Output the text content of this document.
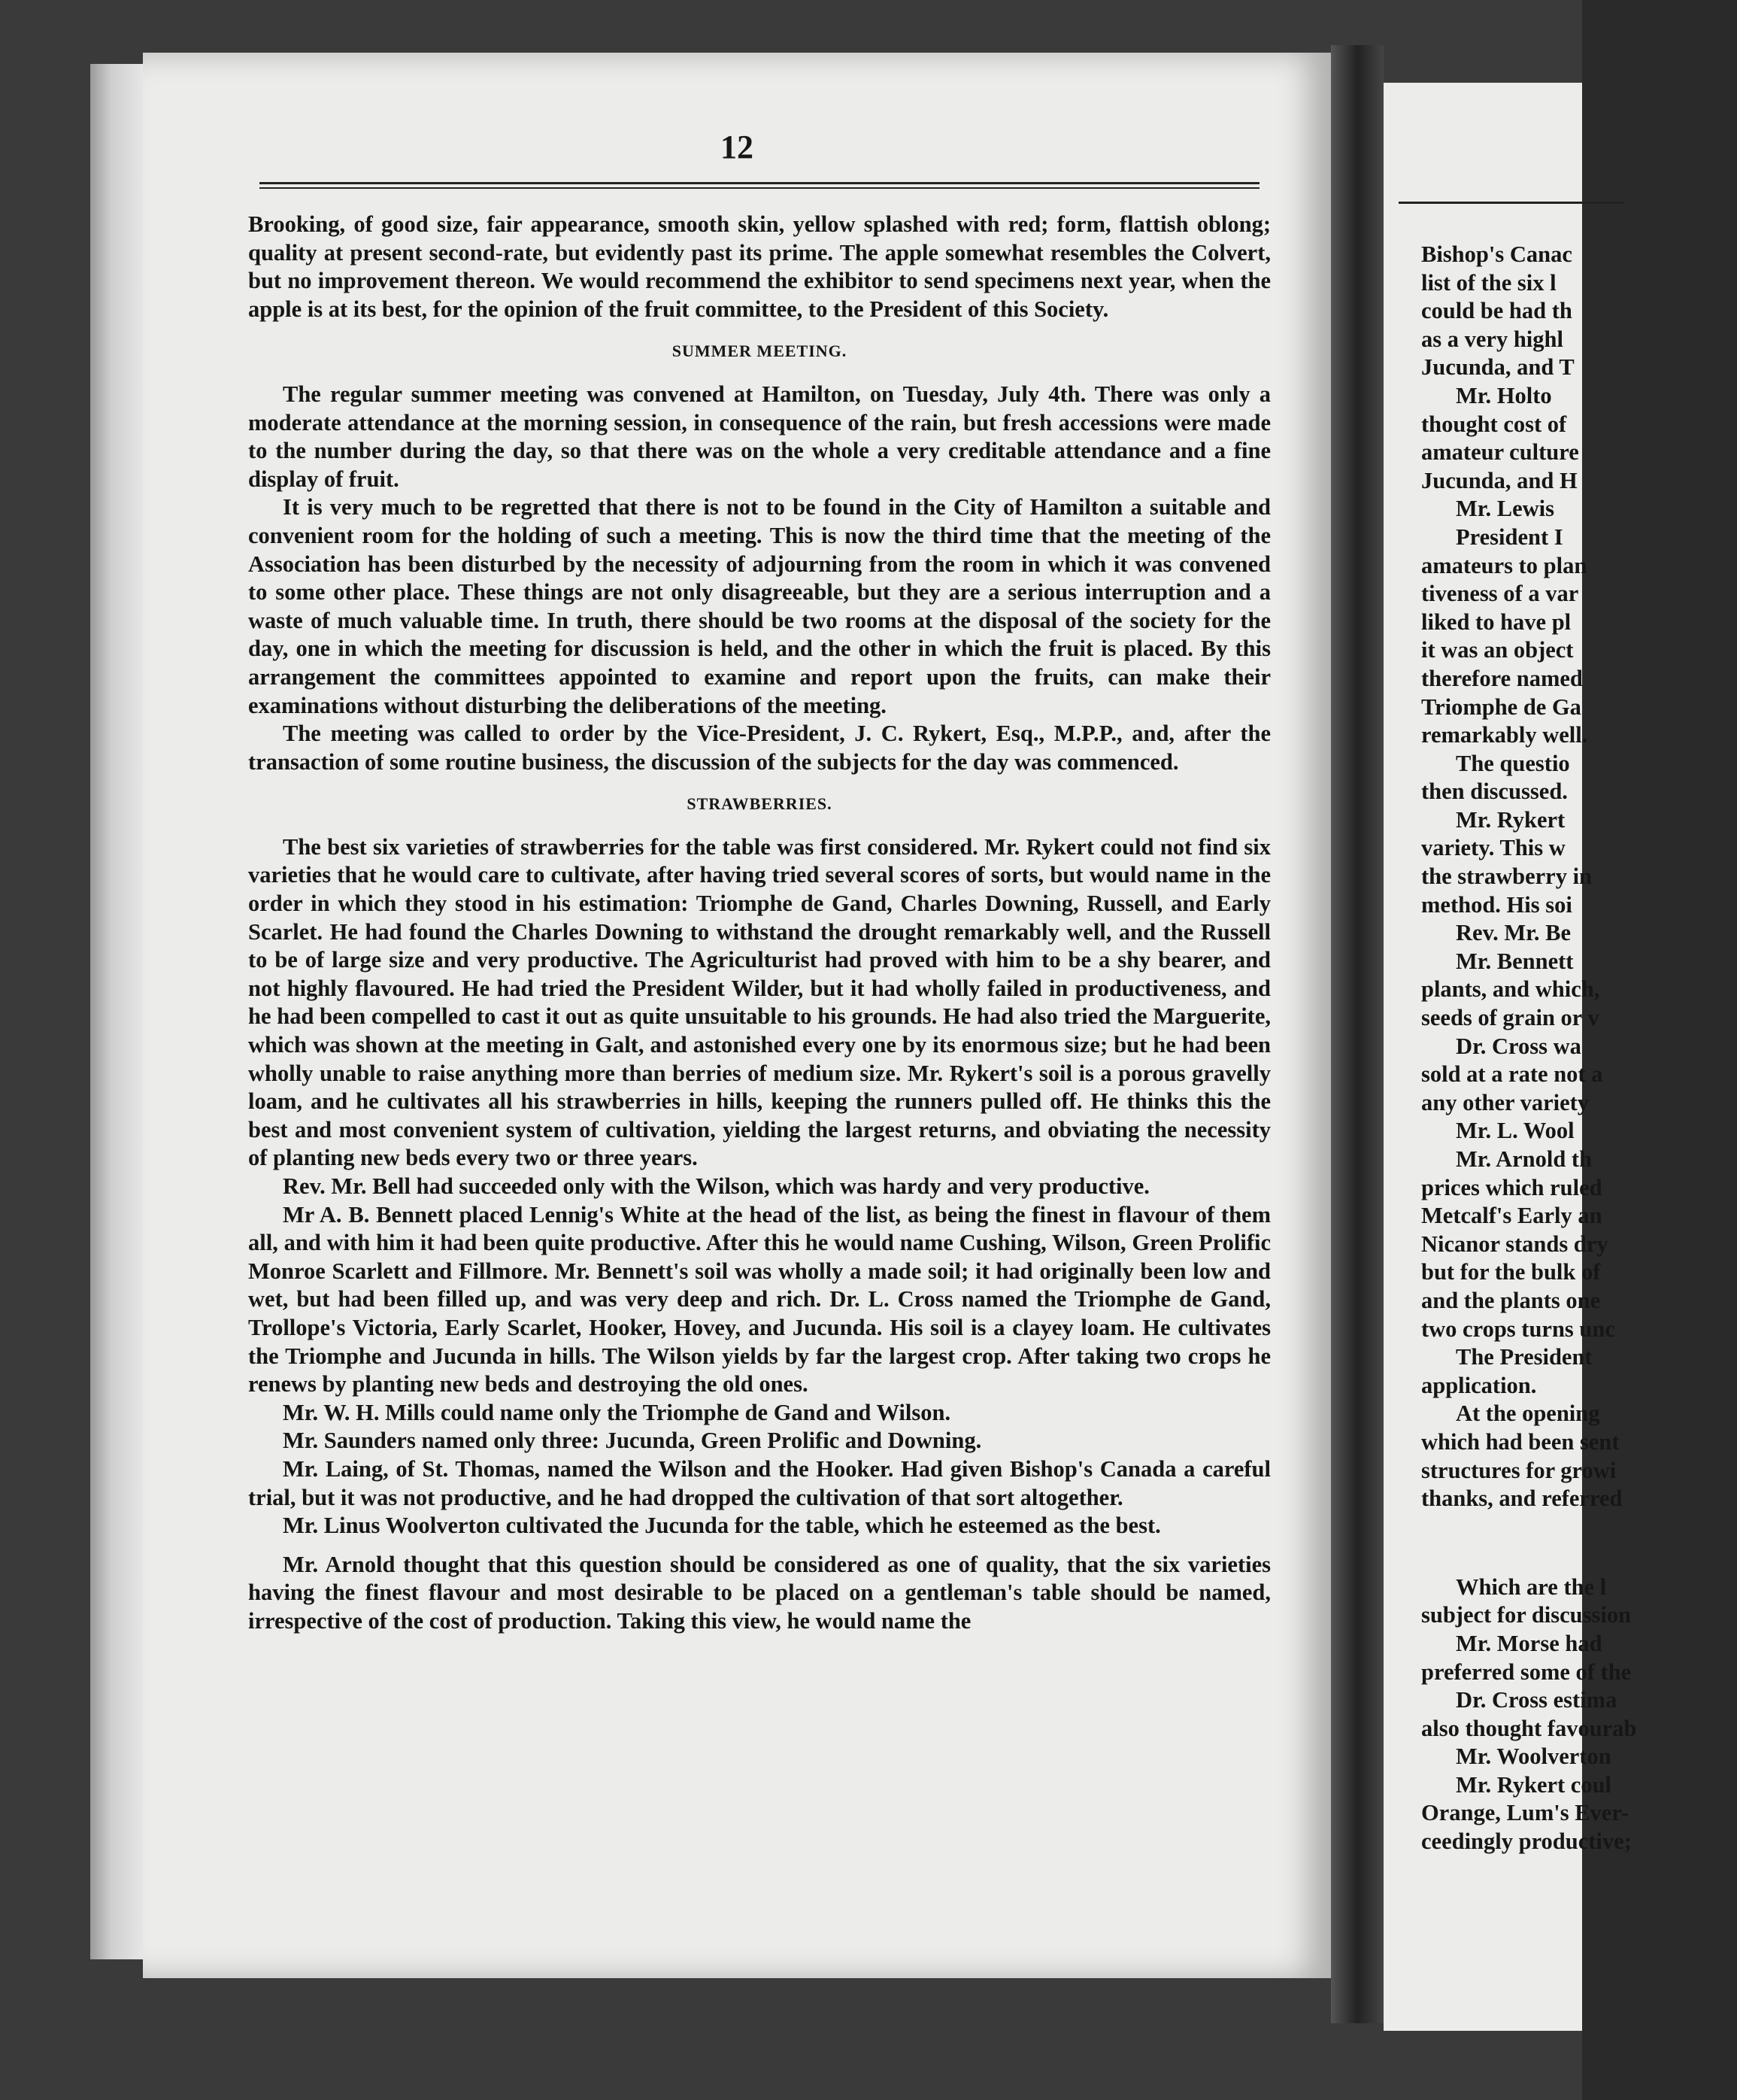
12

Brooking, of good size, fair appearance, smooth skin, yellow splashed with red; form, flattish oblong; quality at present second-rate, but evidently past its prime. The apple somewhat resembles the Colvert, but no improvement thereon. We would recommend the exhibitor to send specimens next year, when the apple is at its best, for the opinion of the fruit committee, to the President of this Society.

SUMMER MEETING.

The regular summer meeting was convened at Hamilton, on Tuesday, July 4th. There was only a moderate attendance at the morning session, in consequence of the rain, but fresh accessions were made to the number during the day, so that there was on the whole a very creditable attendance and a fine display of fruit.

It is very much to be regretted that there is not to be found in the City of Hamilton a suitable and convenient room for the holding of such a meeting. This is now the third time that the meeting of the Association has been disturbed by the necessity of adjourning from the room in which it was convened to some other place. These things are not only disagreeable, but they are a serious interruption and a waste of much valuable time. In truth, there should be two rooms at the disposal of the society for the day, one in which the meeting for discussion is held, and the other in which the fruit is placed. By this arrangement the committees appointed to examine and report upon the fruits, can make their examinations without disturbing the deliberations of the meeting.

The meeting was called to order by the Vice-President, J. C. Rykert, Esq., M.P.P., and, after the transaction of some routine business, the discussion of the subjects for the day was commenced.

STRAWBERRIES.

The best six varieties of strawberries for the table was first considered. Mr. Rykert could not find six varieties that he would care to cultivate, after having tried several scores of sorts, but would name in the order in which they stood in his estimation: Triomphe de Gand, Charles Downing, Russell, and Early Scarlet. He had found the Charles Downing to withstand the drought remarkably well, and the Russell to be of large size and very productive. The Agriculturist had proved with him to be a shy bearer, and not highly flavoured. He had tried the President Wilder, but it had wholly failed in productiveness, and he had been compelled to cast it out as quite unsuitable to his grounds. He had also tried the Marguerite, which was shown at the meeting in Galt, and astonished every one by its enormous size; but he had been wholly unable to raise anything more than berries of medium size. Mr. Rykert's soil is a porous gravelly loam, and he cultivates all his strawberries in hills, keeping the runners pulled off. He thinks this the best and most convenient system of cultivation, yielding the largest returns, and obviating the necessity of planting new beds every two or three years.

Rev. Mr. Bell had succeeded only with the Wilson, which was hardy and very productive.

Mr A. B. Bennett placed Lennig's White at the head of the list, as being the finest in flavour of them all, and with him it had been quite productive. After this he would name Cushing, Wilson, Green Prolific Monroe Scarlett and Fillmore. Mr. Bennett's soil was wholly a made soil; it had originally been low and wet, but had been filled up, and was very deep and rich. Dr. L. Cross named the Triomphe de Gand, Trollope's Victoria, Early Scarlet, Hooker, Hovey, and Jucunda. His soil is a clayey loam. He cultivates the Triomphe and Jucunda in hills. The Wilson yields by far the largest crop. After taking two crops he renews by planting new beds and destroying the old ones.

Mr. W. H. Mills could name only the Triomphe de Gand and Wilson.

Mr. Saunders named only three: Jucunda, Green Prolific and Downing.

Mr. Laing, of St. Thomas, named the Wilson and the Hooker. Had given Bishop's Canada a careful trial, but it was not productive, and he had dropped the cultivation of that sort altogether.

Mr. Linus Woolverton cultivated the Jucunda for the table, which he esteemed as the best.

Mr. Arnold thought that this question should be considered as one of quality, that the six varieties having the finest flavour and most desirable to be placed on a gentleman's table should be named, irrespective of the cost of production. Taking this view, he would name the

Bishop's Canac
list of the six l
could be had th
as a very highl
Jucunda, and T
Mr. Holto
thought cost of
amateur culture
Jucunda, and H
Mr. Lewis
President I
amateurs to plan
tiveness of a var
liked to have pl
it was an object
therefore named
Triomphe de Ga
remarkably well.
The questio
then discussed.
Mr. Rykert
variety. This w
the strawberry in
method. His soi
Rev. Mr. Be
Mr. Bennett
plants, and which,
seeds of grain or v
Dr. Cross wa
sold at a rate not a
any other variety
Mr. L. Wool
Mr. Arnold th
prices which ruled
Metcalf's Early an
Nicanor stands dry
but for the bulk of
and the plants one
two crops turns unc
The President
application.
At the opening
which had been sent
structures for growi
thanks, and referred
Which are the l
subject for discussion
Mr. Morse had
preferred some of the
Dr. Cross estima
also thought favourab
Mr. Woolverton
Mr. Rykert coul
Orange, Lum's Ever-
ceedingly productive;
